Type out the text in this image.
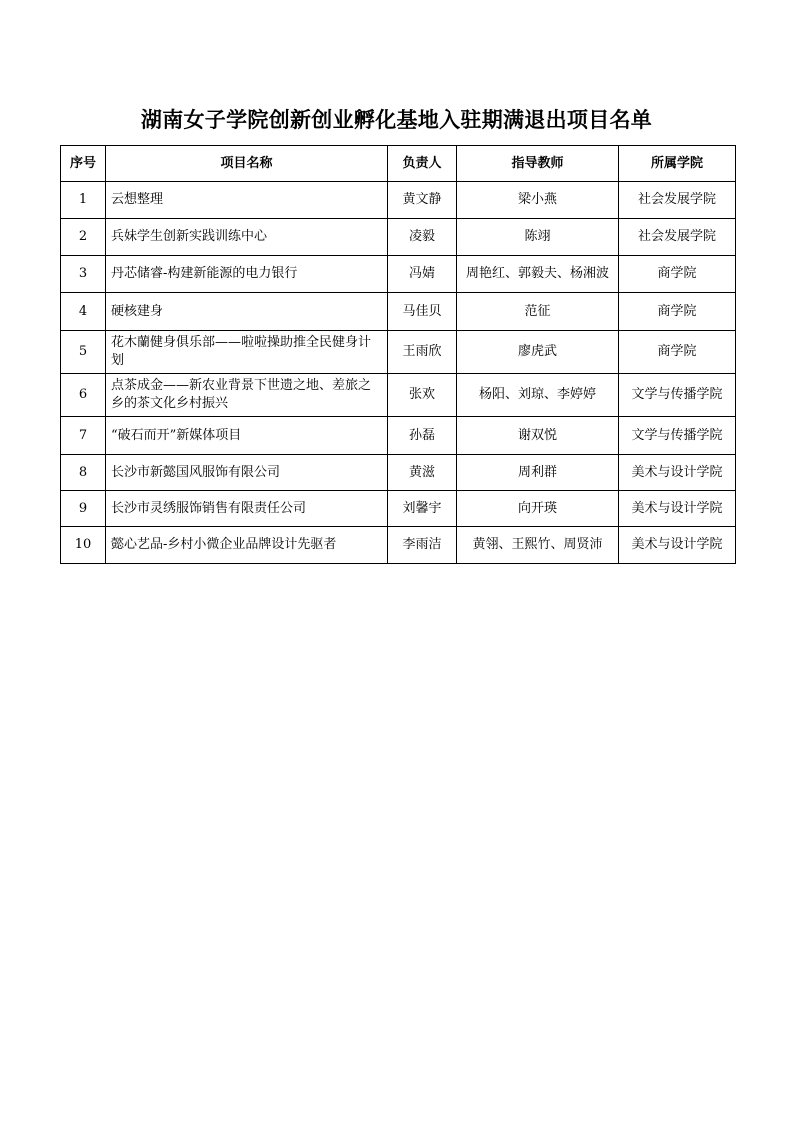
湖南女子学院创新创业孵化基地入驻期满退出项目名单
序号	项目名称	负责人	指导教师	所属学院
1	云想整理	黄文静	梁小燕	社会发展学院
2	兵妹学生创新实践训练中心	凌毅	陈翊	社会发展学院
3	丹芯储睿-构建新能源的电力银行	冯婧	周艳红、郭毅夫、杨湘波	商学院
4	硬核建身	马佳贝	范征	商学院
5	花木蘭健身俱乐部——啦啦操助推全民健身计划	王雨欣	廖虎武	商学院
6	点茶成金——新农业背景下世遗之地、差旅之乡的茶文化乡村振兴	张欢	杨阳、刘琼、李婷婷	文学与传播学院
7	“破石而开”新媒体项目	孙磊	谢双悦	文学与传播学院
8	长沙市新懿国风服饰有限公司	黄滋	周利群	美术与设计学院
9	长沙市灵绣服饰销售有限责任公司	刘馨宇	向开瑛	美术与设计学院
10	懿心艺品-乡村小微企业品牌设计先驱者	李雨洁	黄翎、王熙竹、周贤沛	美术与设计学院
